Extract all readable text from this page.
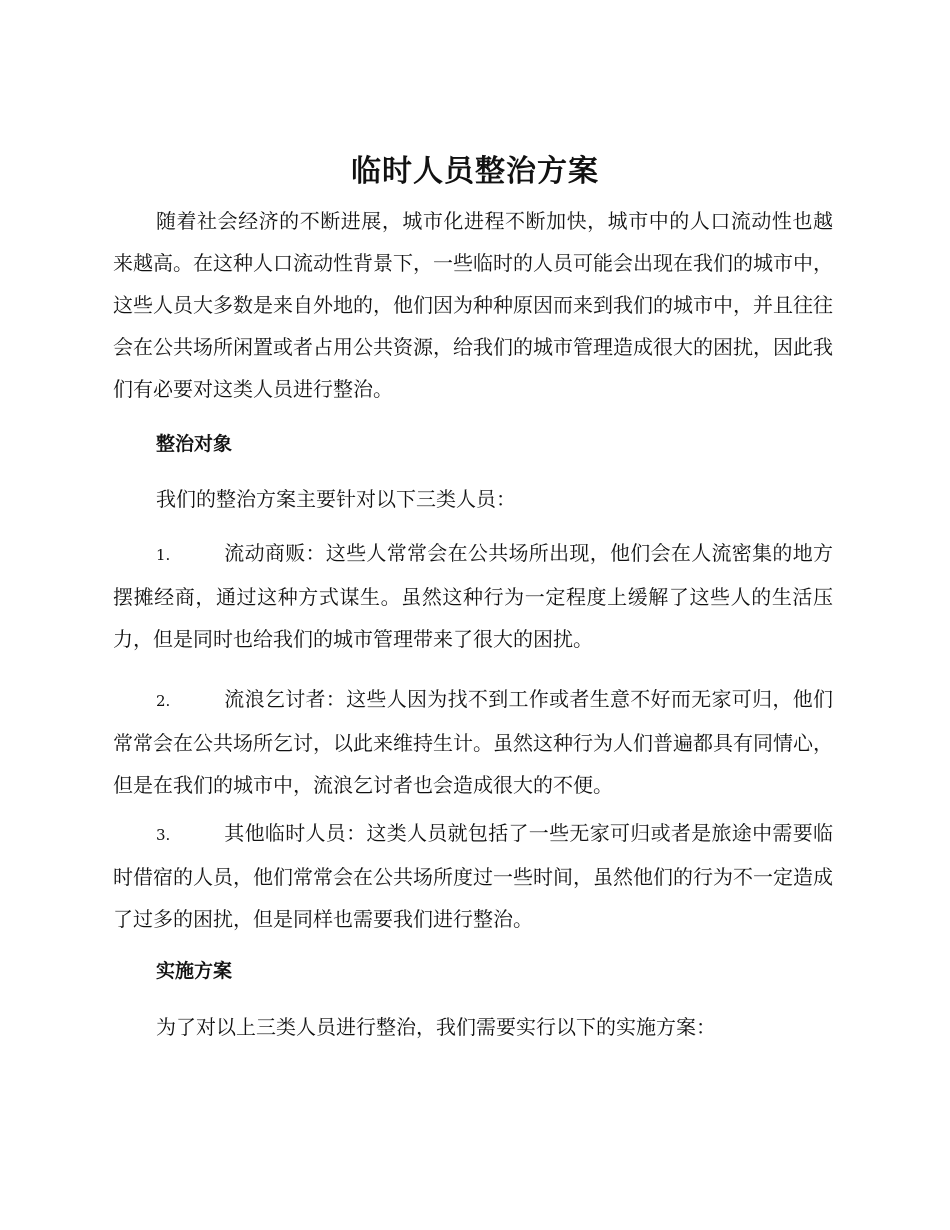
临时人员整治方案

随着社会经济的不断进展，城市化进程不断加快，城市中的人口流动性也越来越高。在这种人口流动性背景下，一些临时的人员可能会出现在我们的城市中，这些人员大多数是来自外地的，他们因为种种原因而来到我们的城市中，并且往往会在公共场所闲置或者占用公共资源，给我们的城市管理造成很大的困扰，因此我们有必要对这类人员进行整治。

整治对象

我们的整治方案主要针对以下三类人员：

1.	流动商贩：这些人常常会在公共场所出现，他们会在人流密集的地方摆摊经商，通过这种方式谋生。虽然这种行为一定程度上缓解了这些人的生活压力，但是同时也给我们的城市管理带来了很大的困扰。
2.	流浪乞讨者：这些人因为找不到工作或者生意不好而无家可归，他们常常会在公共场所乞讨，以此来维持生计。虽然这种行为人们普遍都具有同情心，但是在我们的城市中，流浪乞讨者也会造成很大的不便。
3.	其他临时人员：这类人员就包括了一些无家可归或者是旅途中需要临时借宿的人员，他们常常会在公共场所度过一些时间，虽然他们的行为不一定造成了过多的困扰，但是同样也需要我们进行整治。
实施方案

为了对以上三类人员进行整治，我们需要实行以下的实施方案：
